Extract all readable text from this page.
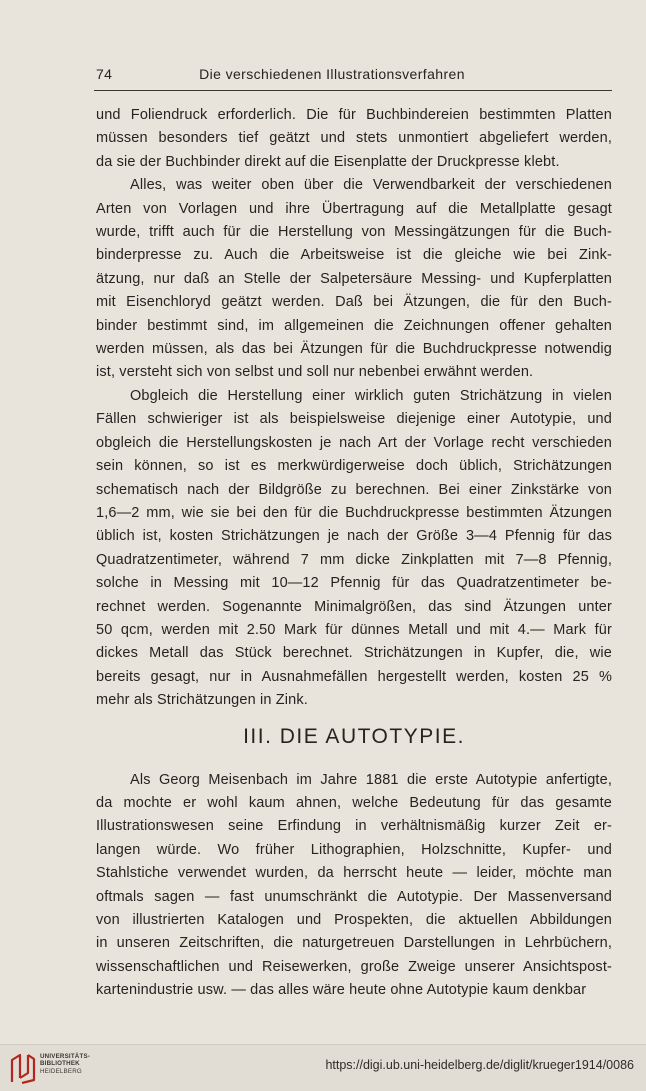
74	Die verschiedenen Illustrationsverfahren
und Foliendruck erforderlich. Die für Buchbindereien bestimmten Platten
müssen besonders tief geätzt und stets unmontiert abgeliefert werden,
da sie der Buchbinder direkt auf die Eisenplatte der Druckpresse klebt.
Alles, was weiter oben über die Verwendbarkeit der verschiedenen
Arten von Vorlagen und ihre Übertragung auf die Metallplatte gesagt
wurde, trifft auch für die Herstellung von Messingätzungen für die Buch-
binderpresse zu. Auch die Arbeitsweise ist die gleiche wie bei Zink-
ätzung, nur daß an Stelle der Salpetersäure Messing- und Kupferplatten
mit Eisenchloryd geätzt werden. Daß bei Ätzungen, die für den Buch-
binder bestimmt sind, im allgemeinen die Zeichnungen offener gehalten
werden müssen, als das bei Ätzungen für die Buchdruckpresse notwendig
ist, versteht sich von selbst und soll nur nebenbei erwähnt werden.
Obgleich die Herstellung einer wirklich guten Strichätzung in vielen
Fällen schwieriger ist als beispielsweise diejenige einer Autotypie, und
obgleich die Herstellungskosten je nach Art der Vorlage recht verschieden
sein können, so ist es merkwürdigerweise doch üblich, Strichätzungen
schematisch nach der Bildgröße zu berechnen. Bei einer Zinkstärke von
1,6—2 mm, wie sie bei den für die Buchdruckpresse bestimmten Ätzungen
üblich ist, kosten Strichätzungen je nach der Größe 3—4 Pfennig für das
Quadratzentimeter, während 7 mm dicke Zinkplatten mit 7—8 Pfennig,
solche in Messing mit 10—12 Pfennig für das Quadratzentimeter be-
rechnet werden. Sogenannte Minimalgrößen, das sind Ätzungen unter
50 qcm, werden mit 2.50 Mark für dünnes Metall und mit 4.— Mark für
dickes Metall das Stück berechnet. Strichätzungen in Kupfer, die, wie
bereits gesagt, nur in Ausnahmefällen hergestellt werden, kosten 25 %
mehr als Strichätzungen in Zink.
III. DIE AUTOTYPIE.
Als Georg Meisenbach im Jahre 1881 die erste Autotypie anfertigte,
da mochte er wohl kaum ahnen, welche Bedeutung für das gesamte
Illustrationswesen seine Erfindung in verhältnismäßig kurzer Zeit er-
langen würde. Wo früher Lithographien, Holzschnitte, Kupfer- und
Stahlstiche verwendet wurden, da herrscht heute — leider, möchte man
oftmals sagen — fast unumschränkt die Autotypie. Der Massenversand
von illustrierten Katalogen und Prospekten, die aktuellen Abbildungen
in unseren Zeitschriften, die naturgetreuen Darstellungen in Lehrbüchern,
wissenschaftlichen und Reisewerken, große Zweige unserer Ansichtspost-
kartenindustrie usw. — das alles wäre heute ohne Autotypie kaum denkbar
UNIVERSITÄTS-
BIBLIOTHEK
HEIDELBERG	https://digi.ub.uni-heidelberg.de/diglit/krueger1914/0086
